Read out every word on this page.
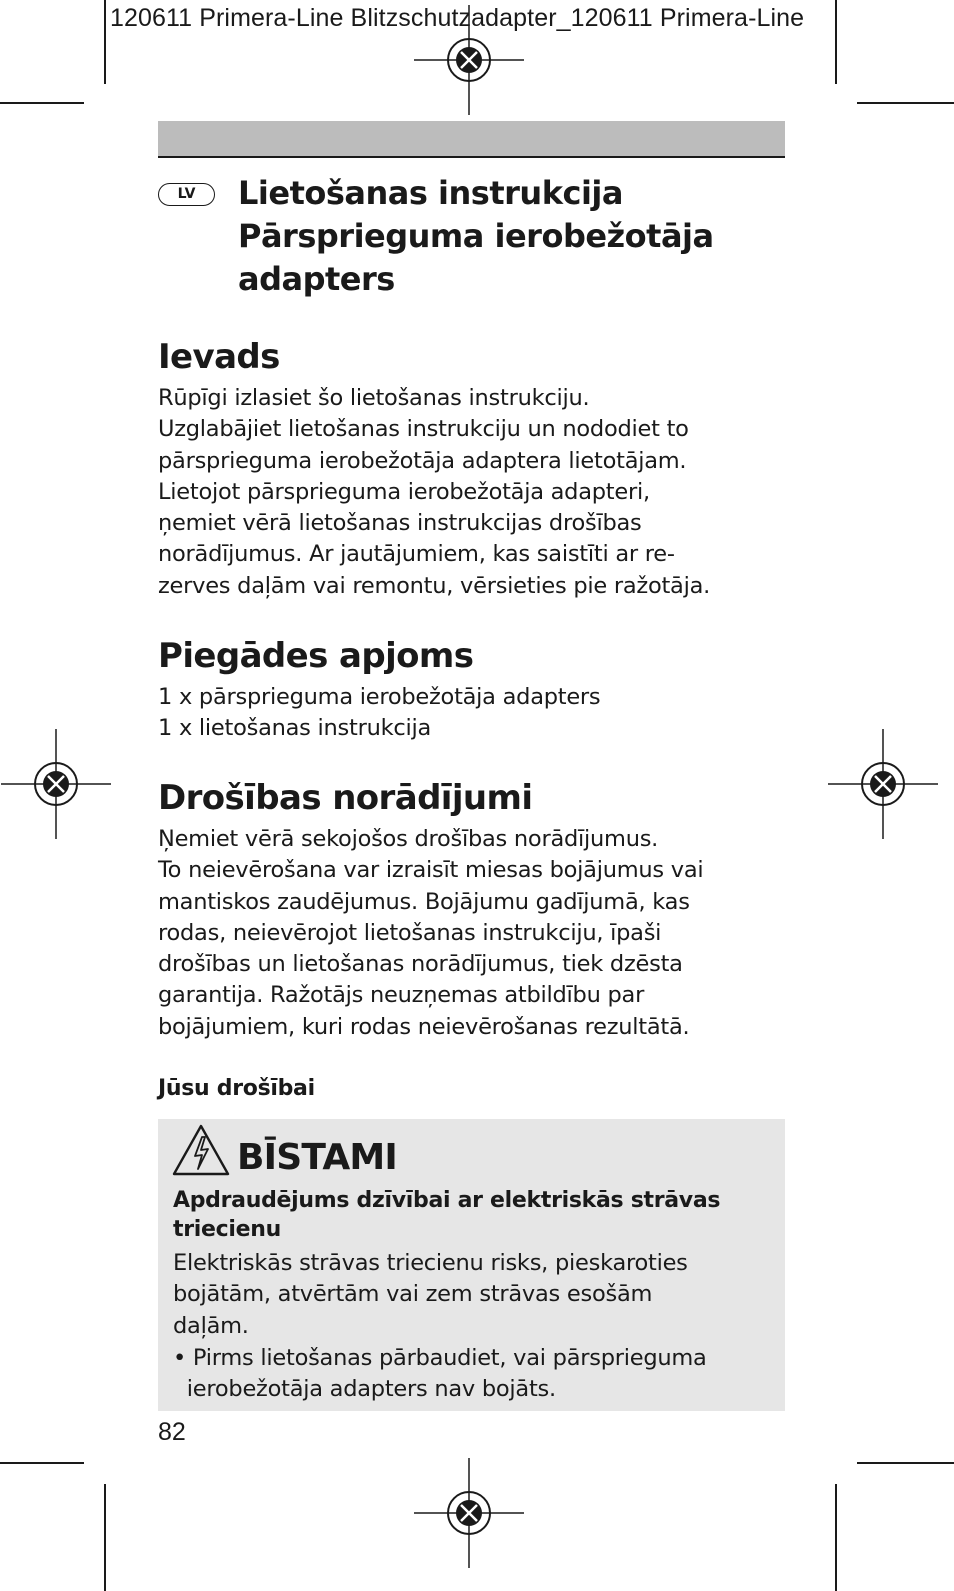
120611 Primera-Line Blitzschutzadapter_120611 Primera-Line
LV	Lietošanas instrukcija
Pārsprieguma ierobežotāja
adapters
Ievads
Rūpīgi izlasiet šo lietošanas instrukciju.
Uzglabājiet lietošanas instrukciju un nododiet to
pārsprieguma ierobežotāja adaptera lietotājam.
Lietojot pārsprieguma ierobežotāja adapteri,
ņemiet vērā lietošanas instrukcijas drošības
norādījumus. Ar jautājumiem, kas saistīti ar re-
zerves daļām vai remontu, vērsieties pie ražotāja.
Piegādes apjoms
1 x pārsprieguma ierobežotāja adapters
1 x lietošanas instrukcija
Drošības norādījumi
Ņemiet vērā sekojošos drošības norādījumus.
To neievērošana var izraisīt miesas bojājumus vai
mantiskos zaudējumus. Bojājumu gadījumā, kas
rodas, neievērojot lietošanas instrukciju, īpaši
drošības un lietošanas norādījumus, tiek dzēsta
garantija. Ražotājs neuzņemas atbildību par
bojājumiem, kuri rodas neievērošanas rezultātā.
Jūsu drošībai
BĪSTAMI
Apdraudējums dzīvībai ar elektriskās strāvas
triecienu
Elektriskās strāvas triecienu risks, pieskaroties
bojātām, atvērtām vai zem strāvas esošām
daļām.
• Pirms lietošanas pārbaudiet, vai pārsprieguma
ierobežotāja adapters nav bojāts.
82
